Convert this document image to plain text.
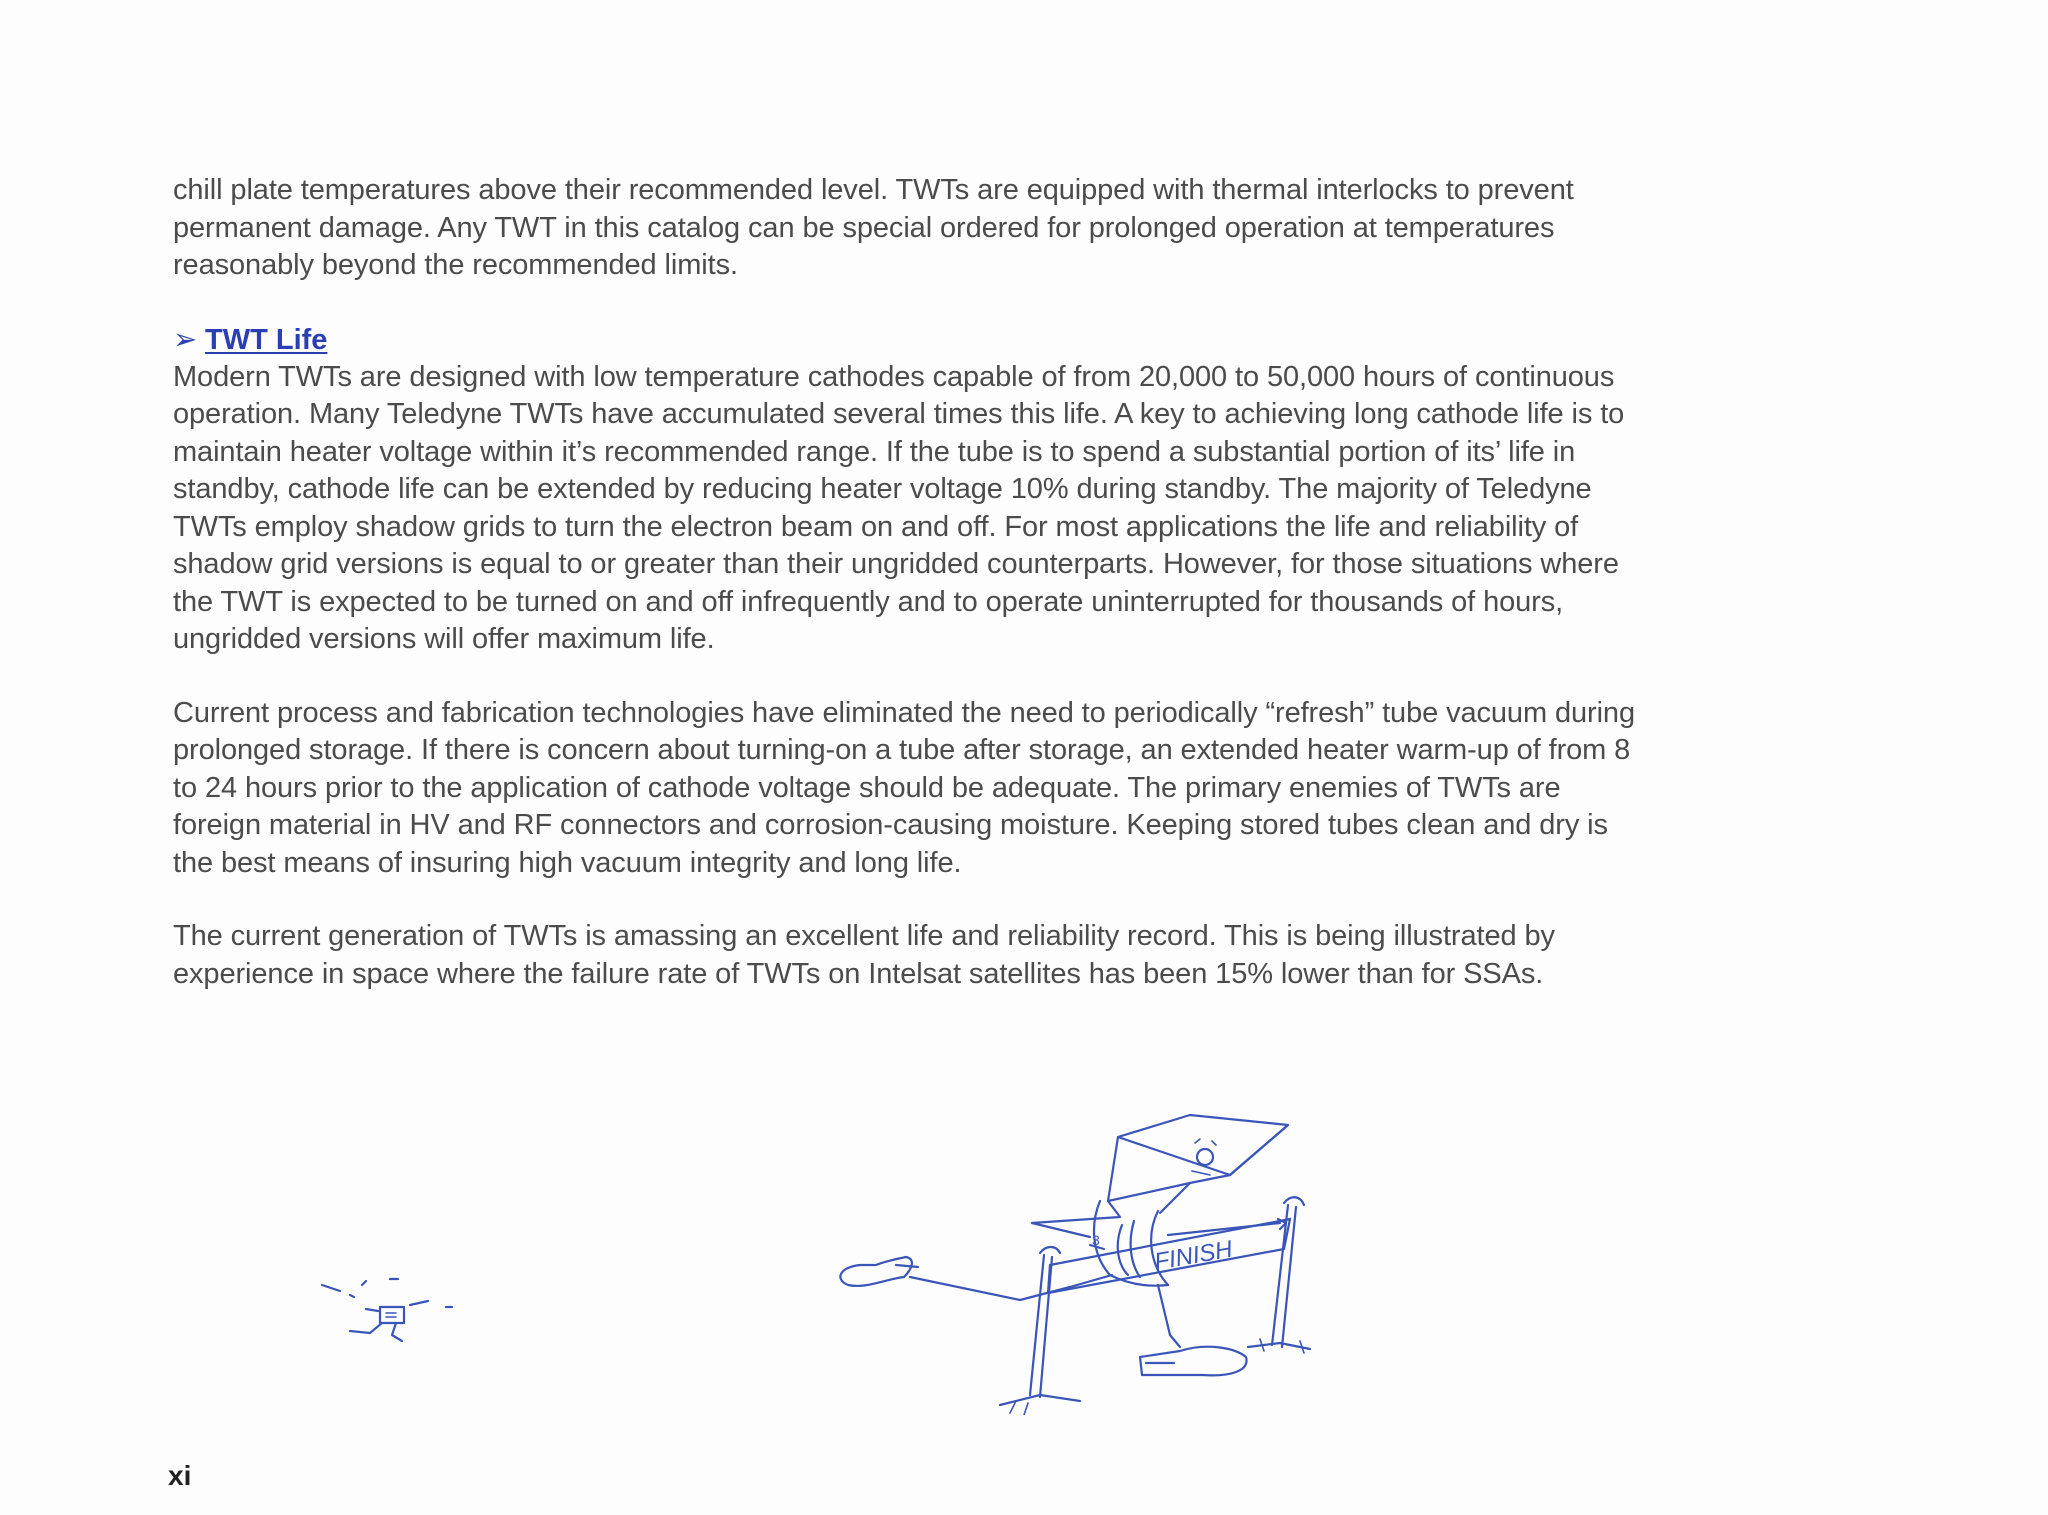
chill plate temperatures above their recommended level. TWTs are equipped with thermal interlocks to prevent
permanent damage. Any TWT in this catalog can be special ordered for prolonged operation at temperatures
reasonably beyond the recommended limits.

➢ TWT Life

Modern TWTs are designed with low temperature cathodes capable of from 20,000 to 50,000 hours of continuous
operation. Many Teledyne TWTs have accumulated several times this life. A key to achieving long cathode life is to
maintain heater voltage within it’s recommended range. If the tube is to spend a substantial portion of its’ life in
standby, cathode life can be extended by reducing heater voltage 10% during standby. The majority of Teledyne
TWTs employ shadow grids to turn the electron beam on and off. For most applications the life and reliability of
shadow grid versions is equal to or greater than their ungridded counterparts. However, for those situations where
the TWT is expected to be turned on and off infrequently and to operate uninterrupted for thousands of hours,
ungridded versions will offer maximum life.

Current process and fabrication technologies have eliminated the need to periodically “refresh” tube vacuum during
prolonged storage. If there is concern about turning-on a tube after storage, an extended heater warm-up of from 8
to 24 hours prior to the application of cathode voltage should be adequate. The primary enemies of TWTs are
foreign material in HV and RF connectors and corrosion-causing moisture. Keeping stored tubes clean and dry is
the best means of insuring high vacuum integrity and long life.

The current generation of TWTs is amassing an excellent life and reliability record. This is being illustrated by
experience in space where the failure rate of TWTs on Intelsat satellites has been 15% lower than for SSAs.

3 FINISH
xi
